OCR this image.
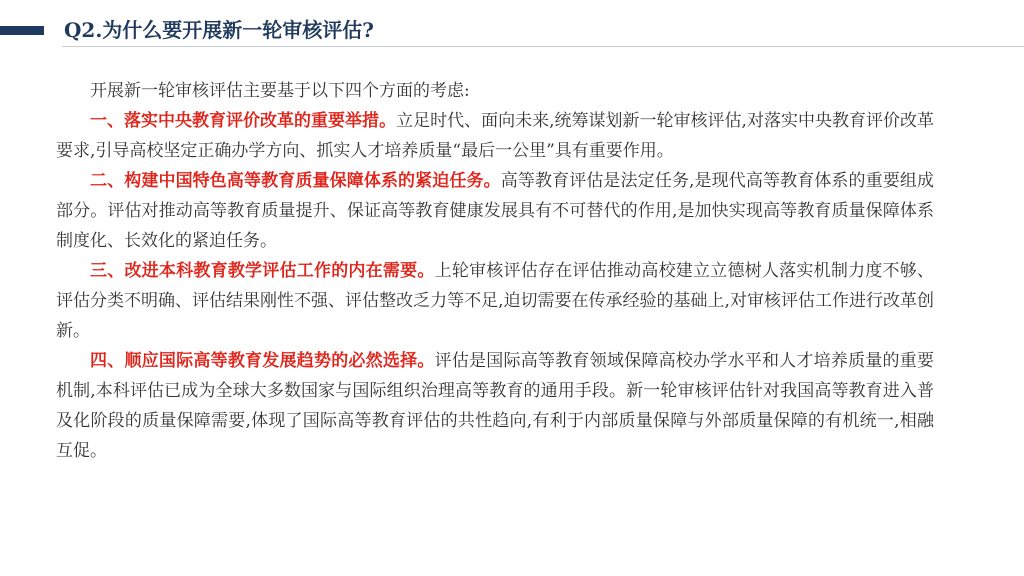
Q2.为什么要开展新一轮审核评估?

开展新一轮审核评估主要基于以下四个方面的考虑:

一、落实中央教育评价改革的重要举措。立足时代、面向未来,统筹谋划新一轮审核评估,对落实中央教育评价改革要求,引导高校坚定正确办学方向、抓实人才培养质量“最后一公里”具有重要作用。

二、构建中国特色高等教育质量保障体系的紧迫任务。高等教育评估是法定任务,是现代高等教育体系的重要组成部分。评估对推动高等教育质量提升、保证高等教育健康发展具有不可替代的作用,是加快实现高等教育质量保障体系制度化、长效化的紧迫任务。

三、改进本科教育教学评估工作的内在需要。上轮审核评估存在评估推动高校建立立德树人落实机制力度不够、评估分类不明确、评估结果刚性不强、评估整改乏力等不足,迫切需要在传承经验的基础上,对审核评估工作进行改革创新。

四、顺应国际高等教育发展趋势的必然选择。评估是国际高等教育领域保障高校办学水平和人才培养质量的重要机制,本科评估已成为全球大多数国家与国际组织治理高等教育的通用手段。新一轮审核评估针对我国高等教育进入普及化阶段的质量保障需要,体现了国际高等教育评估的共性趋向,有利于内部质量保障与外部质量保障的有机统一,相融互促。
